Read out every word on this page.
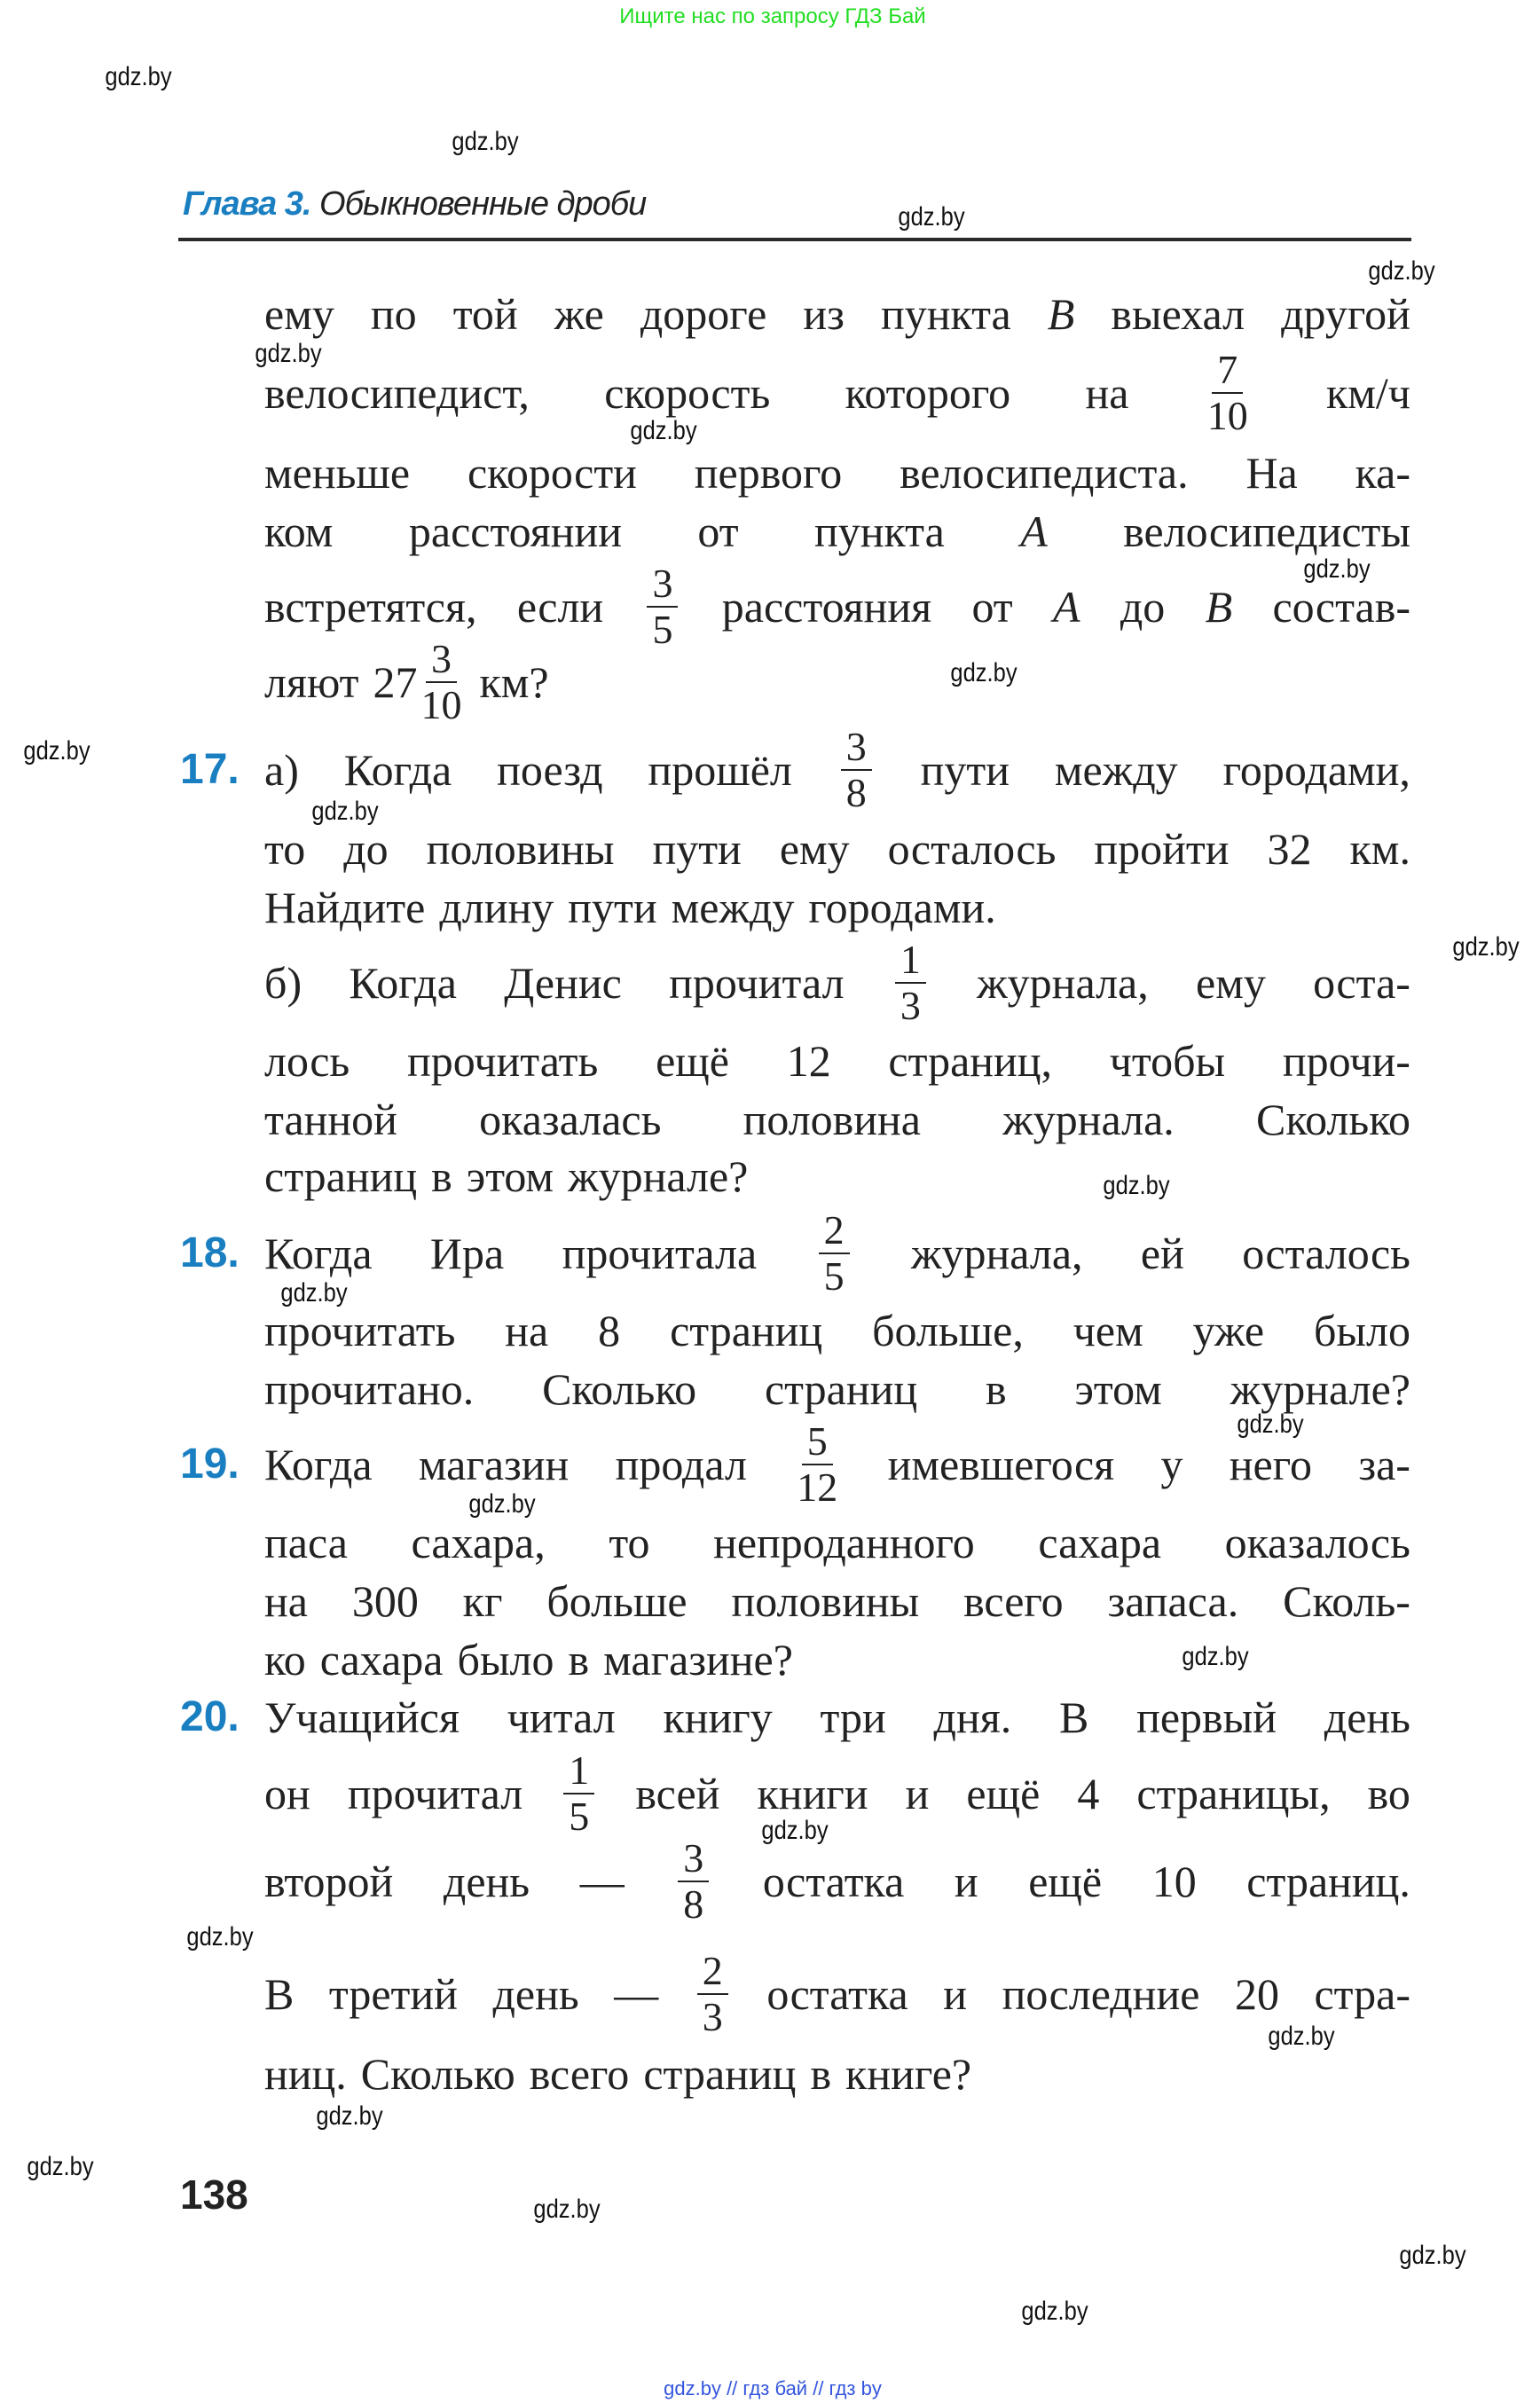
Ищите нас по запросу ГДЗ Бай
Глава 3. Обыкновенные дроби
ему по той же дороге из пункта B выехал другой
велосипедист, скорость которого на $\frac{7}{10} км/ч$
меньше скорости первого велосипедиста. На ка-
ком расстоянии от пункта A велосипедисты
встретятся, если $\frac{3}{5}$ расстояния от A до B состав-
ляют $27 \frac{3}{10}$ км?
а) Когда поезд прошёл $\frac{3}{8}$ пути между городами,
то до половины пути ему осталось пройти 32 км.
Найдите длину пути между городами.
б) Когда Денис прочитал $\frac{1}{3}$ журнала, ему оста-
лось прочитать ещё 12 страниц, чтобы прочи-
танной оказалась половина журнала. Сколько
страниц в этом журнале?
Когда Ира прочитала $\frac{2}{5}$ журнала, ей осталось
прочитать на 8 страниц больше, чем уже было
прочитано. Сколько страниц в этом журнале?
Когда магазин продал $\frac{5}{12}$ имевшегося у него за-
паса сахара, то непроданного сахара оказалось
на 300 кг больше половины всего запаса. Сколь-
ко сахара было в магазине?
Учащийся читал книгу три дня. В первый день
он прочитал $\frac{1}{5}$ всей книги и ещё 4 страницы, во
второй день — $\frac{3}{8}$ остатка и ещё 10 страниц.
В третий день — $\frac{2}{3}$ остатка и последние 20 стра-
ниц. Сколько всего страниц в книге?
17.
18.
19.
20.
138
gdz.by
gdz.by
gdz.by
gdz.by
gdz.by
gdz.by
gdz.by
gdz.by
gdz.by
gdz.by
gdz.by
gdz.by
gdz.by
gdz.by
gdz.by
gdz.by
gdz.by
gdz.by
gdz.by
gdz.by
gdz.by
gdz.by
gdz.by
gdz.by
gdz.by // гдз бай // гдз by
